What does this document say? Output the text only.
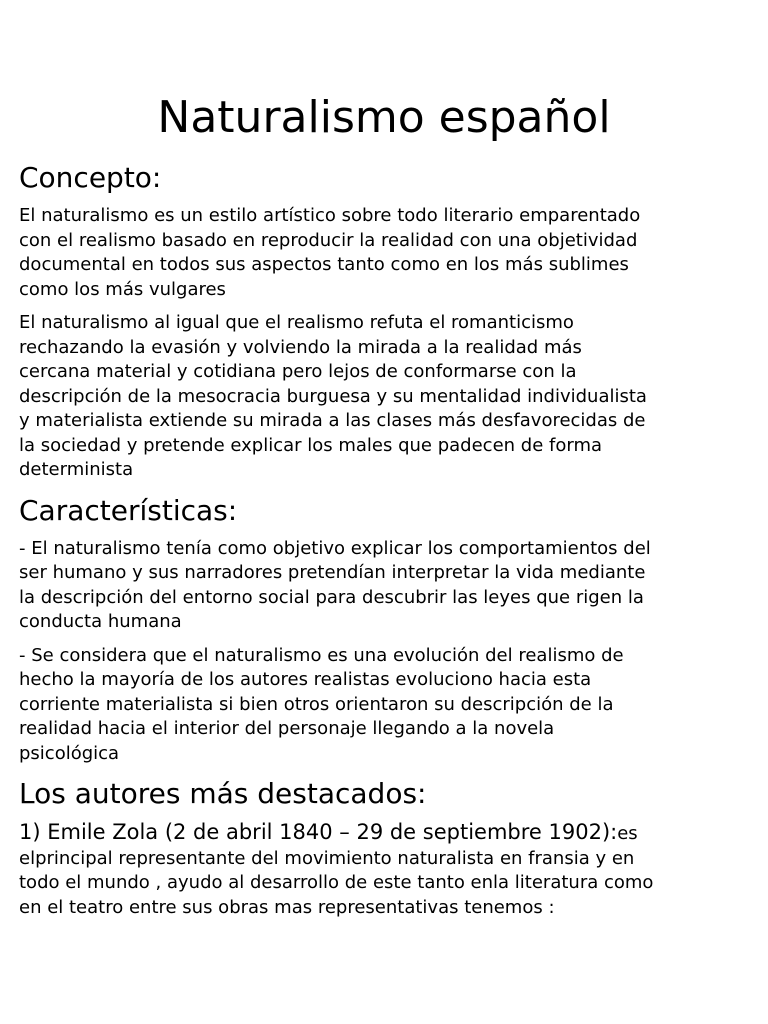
Naturalismo español
Concepto:

El naturalismo es un estilo artístico sobre todo literario emparentado
con el realismo basado en reproducir la realidad con una objetividad
documental en todos sus aspectos tanto como en los más sublimes
como los más vulgares

El naturalismo al igual que el realismo refuta el romanticismo
rechazando la evasión y volviendo la mirada a la realidad más
cercana material y cotidiana pero lejos de conformarse con la
descripción de la mesocracia burguesa y su mentalidad individualista
y materialista extiende su mirada a las clases más desfavorecidas de
la sociedad y pretende explicar los males que padecen de forma
determinista

Características:

- El naturalismo tenía como objetivo explicar los comportamientos del
ser humano y sus narradores pretendían interpretar la vida mediante
la descripción del entorno social para descubrir las leyes que rigen la
conducta humana

- Se considera que el naturalismo es una evolución del realismo de
hecho la mayoría de los autores realistas evoluciono hacia esta
corriente materialista si bien otros orientaron su descripción de la
realidad hacia el interior del personaje llegando a la novela
psicológica

Los autores más destacados:

1) Emile Zola (2 de abril 1840 – 29 de septiembre 1902):es
elprincipal representante del movimiento naturalista en fransia y en
todo el mundo , ayudo al desarrollo de este tanto enla literatura como
en el teatro entre sus obras mas representativas tenemos :
